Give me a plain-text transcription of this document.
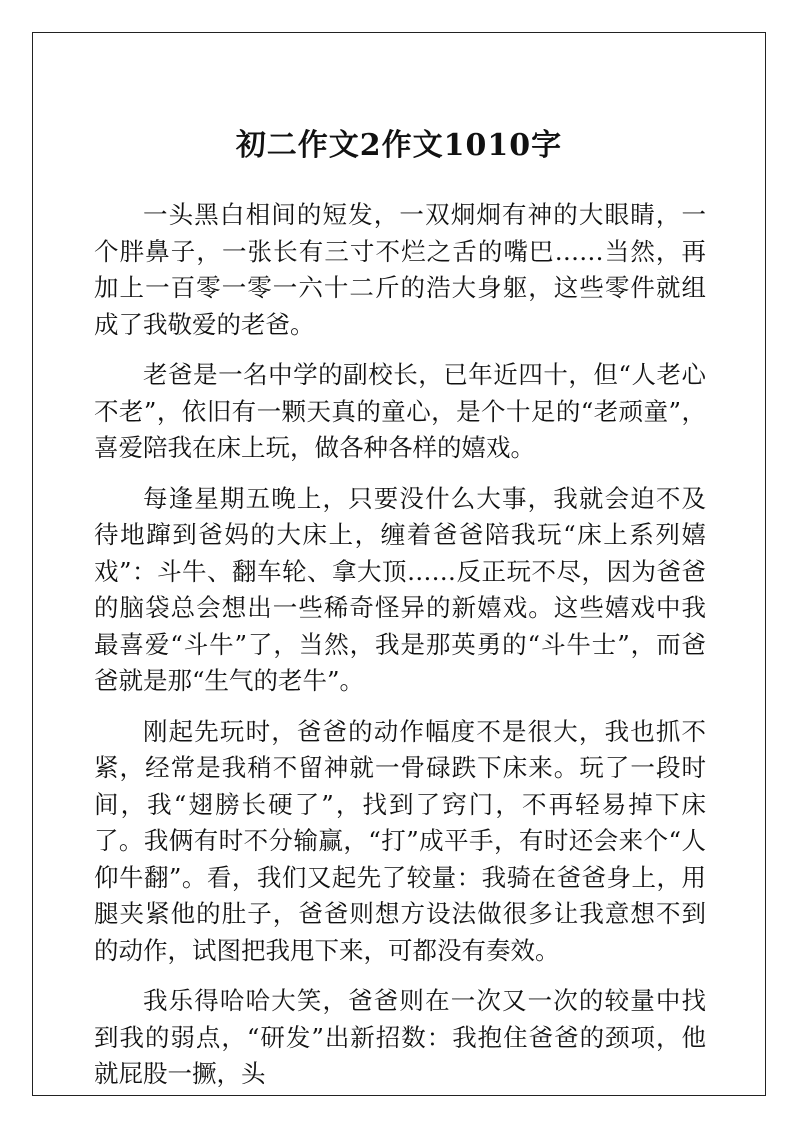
初二作文2作文1010字

一头黑白相间的短发，一双炯炯有神的大眼睛，一个胖鼻子，一张长有三寸不烂之舌的嘴巴……当然，再加上一百零一零一六十二斤的浩大身躯，这些零件就组成了我敬爱的老爸。

老爸是一名中学的副校长，已年近四十，但“人老心不老”，依旧有一颗天真的童心，是个十足的“老顽童”，喜爱陪我在床上玩，做各种各样的嬉戏。

每逢星期五晚上，只要没什么大事，我就会迫不及待地蹿到爸妈的大床上，缠着爸爸陪我玩“床上系列嬉戏”：斗牛、翻车轮、拿大顶……反正玩不尽，因为爸爸的脑袋总会想出一些稀奇怪异的新嬉戏。这些嬉戏中我最喜爱“斗牛”了，当然，我是那英勇的“斗牛士”，而爸爸就是那“生气的老牛”。

刚起先玩时，爸爸的动作幅度不是很大，我也抓不紧，经常是我稍不留神就一骨碌跌下床来。玩了一段时间，我“翅膀长硬了”，找到了窍门，不再轻易掉下床了。我俩有时不分输赢，“打”成平手，有时还会来个“人仰牛翻”。看，我们又起先了较量：我骑在爸爸身上，用腿夹紧他的肚子，爸爸则想方设法做很多让我意想不到的动作，试图把我甩下来，可都没有奏效。

我乐得哈哈大笑，爸爸则在一次又一次的较量中找到我的弱点，“研发”出新招数：我抱住爸爸的颈项，他就屁股一撅，头
